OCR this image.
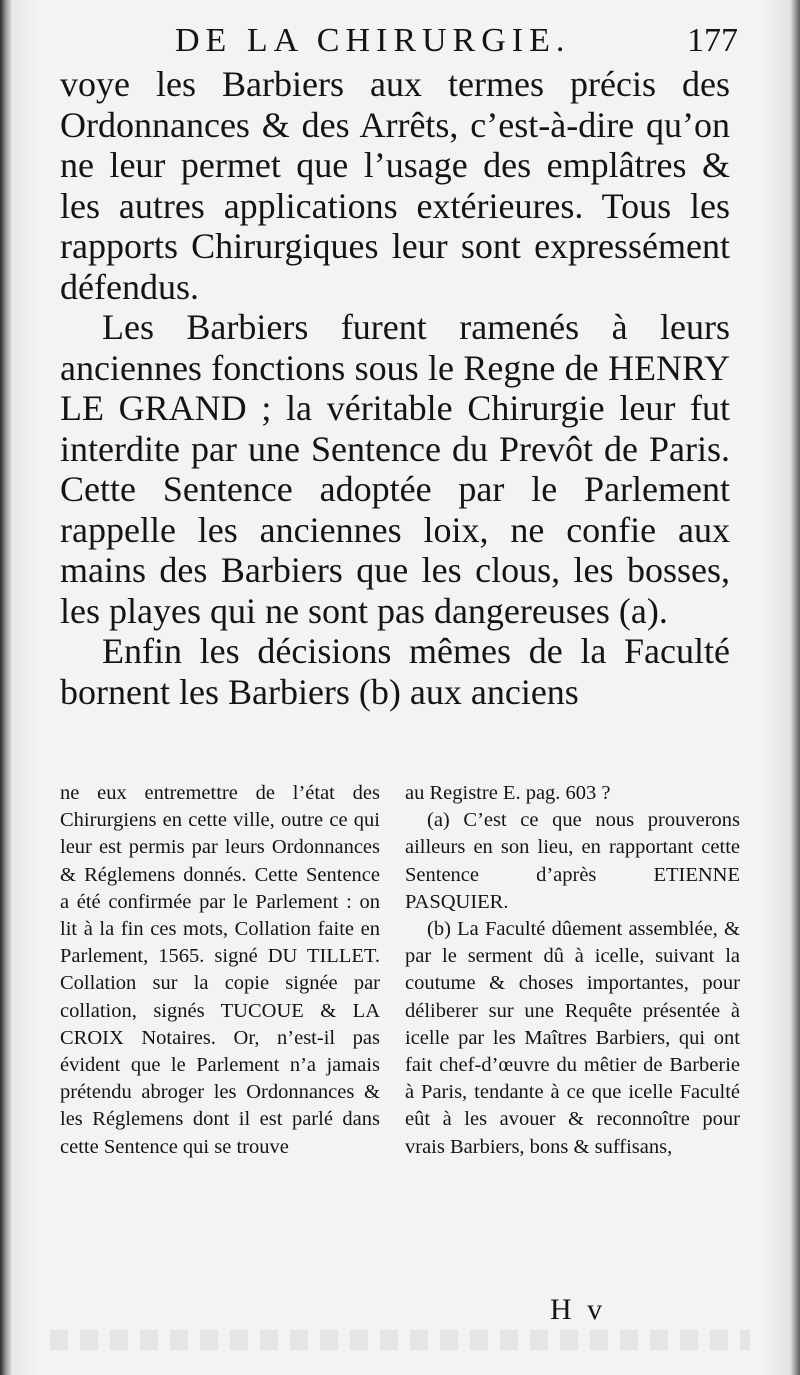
DE LA CHIRURGIE.	177

voye les Barbiers aux termes précis des Ordonnances & des Arrêts, c’est-à-dire qu’on ne leur permet que l’usage des emplâtres & les autres applications extérieures. Tous les rapports Chirurgiques leur sont expressément défendus.

Les Barbiers furent ramenés à leurs anciennes fonctions sous le Regne de HENRY LE GRAND ; la véritable Chirurgie leur fut interdite par une Sentence du Prevôt de Paris. Cette Sentence adoptée par le Parlement rappelle les anciennes loix, ne confie aux mains des Barbiers que les clous, les bosses, les playes qui ne sont pas dangereuses (a).

Enfin les décisions mêmes de la Faculté bornent les Barbiers (b) aux anciens

ne eux entremettre de l’état des Chirurgiens en cette ville, outre ce qui leur est permis par leurs Ordonnances & Réglemens donnés. Cette Sentence a été confirmée par le Parlement : on lit à la fin ces mots, Collation faite en Parlement, 1565. signé DU TILLET. Collation sur la copie signée par collation, signés TUCOUE & LA CROIX Notaires. Or, n’est-il pas évident que le Parlement n’a jamais prétendu abroger les Ordonnances & les Réglemens dont il est parlé dans cette Sentence qui se trouve

au Registre E. pag. 603 ?

(a) C’est ce que nous prouverons ailleurs en son lieu, en rapportant cette Sentence d’après ETIENNE PASQUIER.

(b) La Faculté dûement assemblée, & par le serment dû à icelle, suivant la coutume & choses importantes, pour déliberer sur une Requête présentée à icelle par les Maîtres Barbiers, qui ont fait chef-d’œuvre du mêtier de Barberie à Paris, tendante à ce que icelle Faculté eût à les avouer & reconnoître pour vrais Barbiers, bons & suffisans,

H v
